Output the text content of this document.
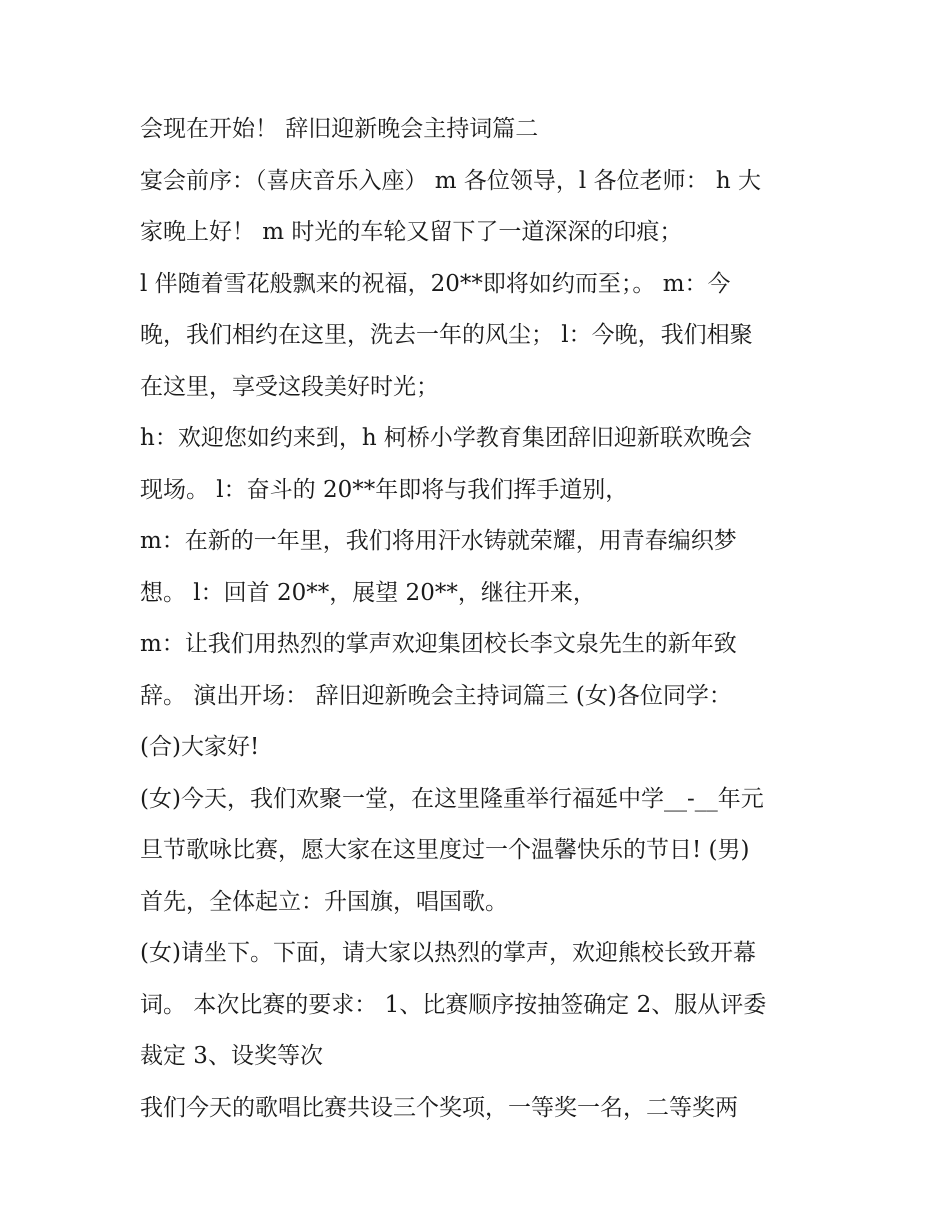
会现在开始！ 辞旧迎新晚会主持词篇二

宴会前序：（喜庆音乐入座） m 各位领导，l 各位老师： h 大

家晚上好！ m 时光的车轮又留下了一道深深的印痕；

l 伴随着雪花般飘来的祝福，20**即将如约而至；。 m：今

晚，我们相约在这里，洗去一年的风尘； l：今晚，我们相聚

在这里，享受这段美好时光；

h：欢迎您如约来到，h 柯桥小学教育集团辞旧迎新联欢晚会

现场。 l：奋斗的 20**年即将与我们挥手道别，

m：在新的一年里，我们将用汗水铸就荣耀，用青春编织梦

想。 l：回首 20**，展望 20**，继往开来，

m：让我们用热烈的掌声欢迎集团校长李文泉先生的新年致

辞。 演出开场： 辞旧迎新晚会主持词篇三 (女)各位同学：

(合)大家好!

(女)今天，我们欢聚一堂，在这里隆重举行福延中学__-__年元

旦节歌咏比赛，愿大家在这里度过一个温馨快乐的节日! (男)

首先，全体起立：升国旗，唱国歌。

(女)请坐下。下面，请大家以热烈的掌声，欢迎熊校长致开幕

词。 本次比赛的要求： 1、比赛顺序按抽签确定 2、服从评委

裁定 3、设奖等次

我们今天的歌唱比赛共设三个奖项，一等奖一名，二等奖两
